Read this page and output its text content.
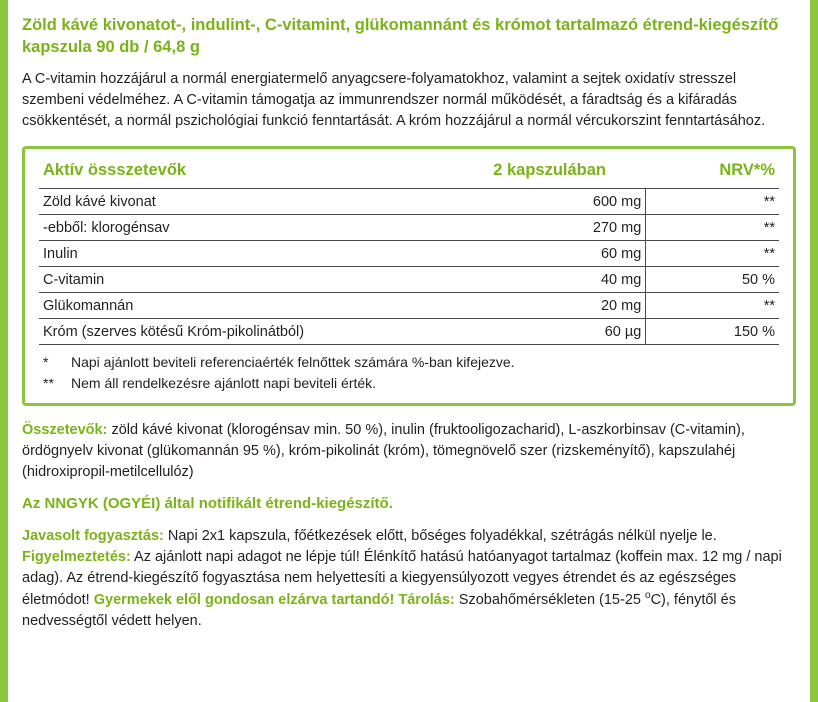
Zöld kávé kivonatot-, indulint-, C-vitamint, glükomannánt és krómot tartalmazó étrend-kiegészítő kapszula 90 db / 64,8 g

A C-vitamin hozzájárul a normál energiatermelő anyagcsere-folyamatokhoz, valamint a sejtek oxidatív stresszel szembeni védelméhez. A C-vitamin támogatja az immunrendszer normál működését, a fáradtság és a kifáradás csökkentését, a normál pszichológiai funkció fenntartását. A króm hozzájárul a normál vércukorszint fenntartásához.

Aktív össszetevők	2 kapszulában	NRV*%
Zöld kávé kivonat	600 mg	**
-ebből: klorogénsav	270 mg	**
Inulin	60 mg	**
C-vitamin	40 mg	50 %
Glükomannán	20 mg	**
Króm (szerves kötésű Króm-pikolinátból)	60 µg	150 %
*	Napi ajánlott beviteli referenciaérték felnőttek számára %-ban kifejezve.
**	Nem áll rendelkezésre ajánlott napi beviteli érték.

Összetevők: zöld kávé kivonat (klorogénsav min. 50 %), inulin (fruktooligozacharid), L-aszkorbinsav (C-vitamin), ördögnyelv kivonat (glükomannán 95 %), króm-pikolinát (króm), tömegnövelő szer (rizskeményítő), kapszulahéj (hidroxipropil-metilcellulóz)

Az NNGYK (OGYÉI) által notifikált étrend-kiegészítő.

Javasolt fogyasztás: Napi 2x1 kapszula, főétkezések előtt, bőséges folyadékkal, szétrágás nélkül nyelje le.
Figyelmeztetés: Az ajánlott napi adagot ne lépje túl! Élénkítő hatású hatóanyagot tartalmaz (koffein max. 12 mg / napi adag). Az étrend-kiegészítő fogyasztása nem helyettesíti a kiegyensúlyozott vegyes étrendet és az egészséges életmódot! Gyermekek elől gondosan elzárva tartandó! Tárolás: Szobahőmérsékleten (15-25 $^o$C), fénytől és nedvességtől védett helyen.
